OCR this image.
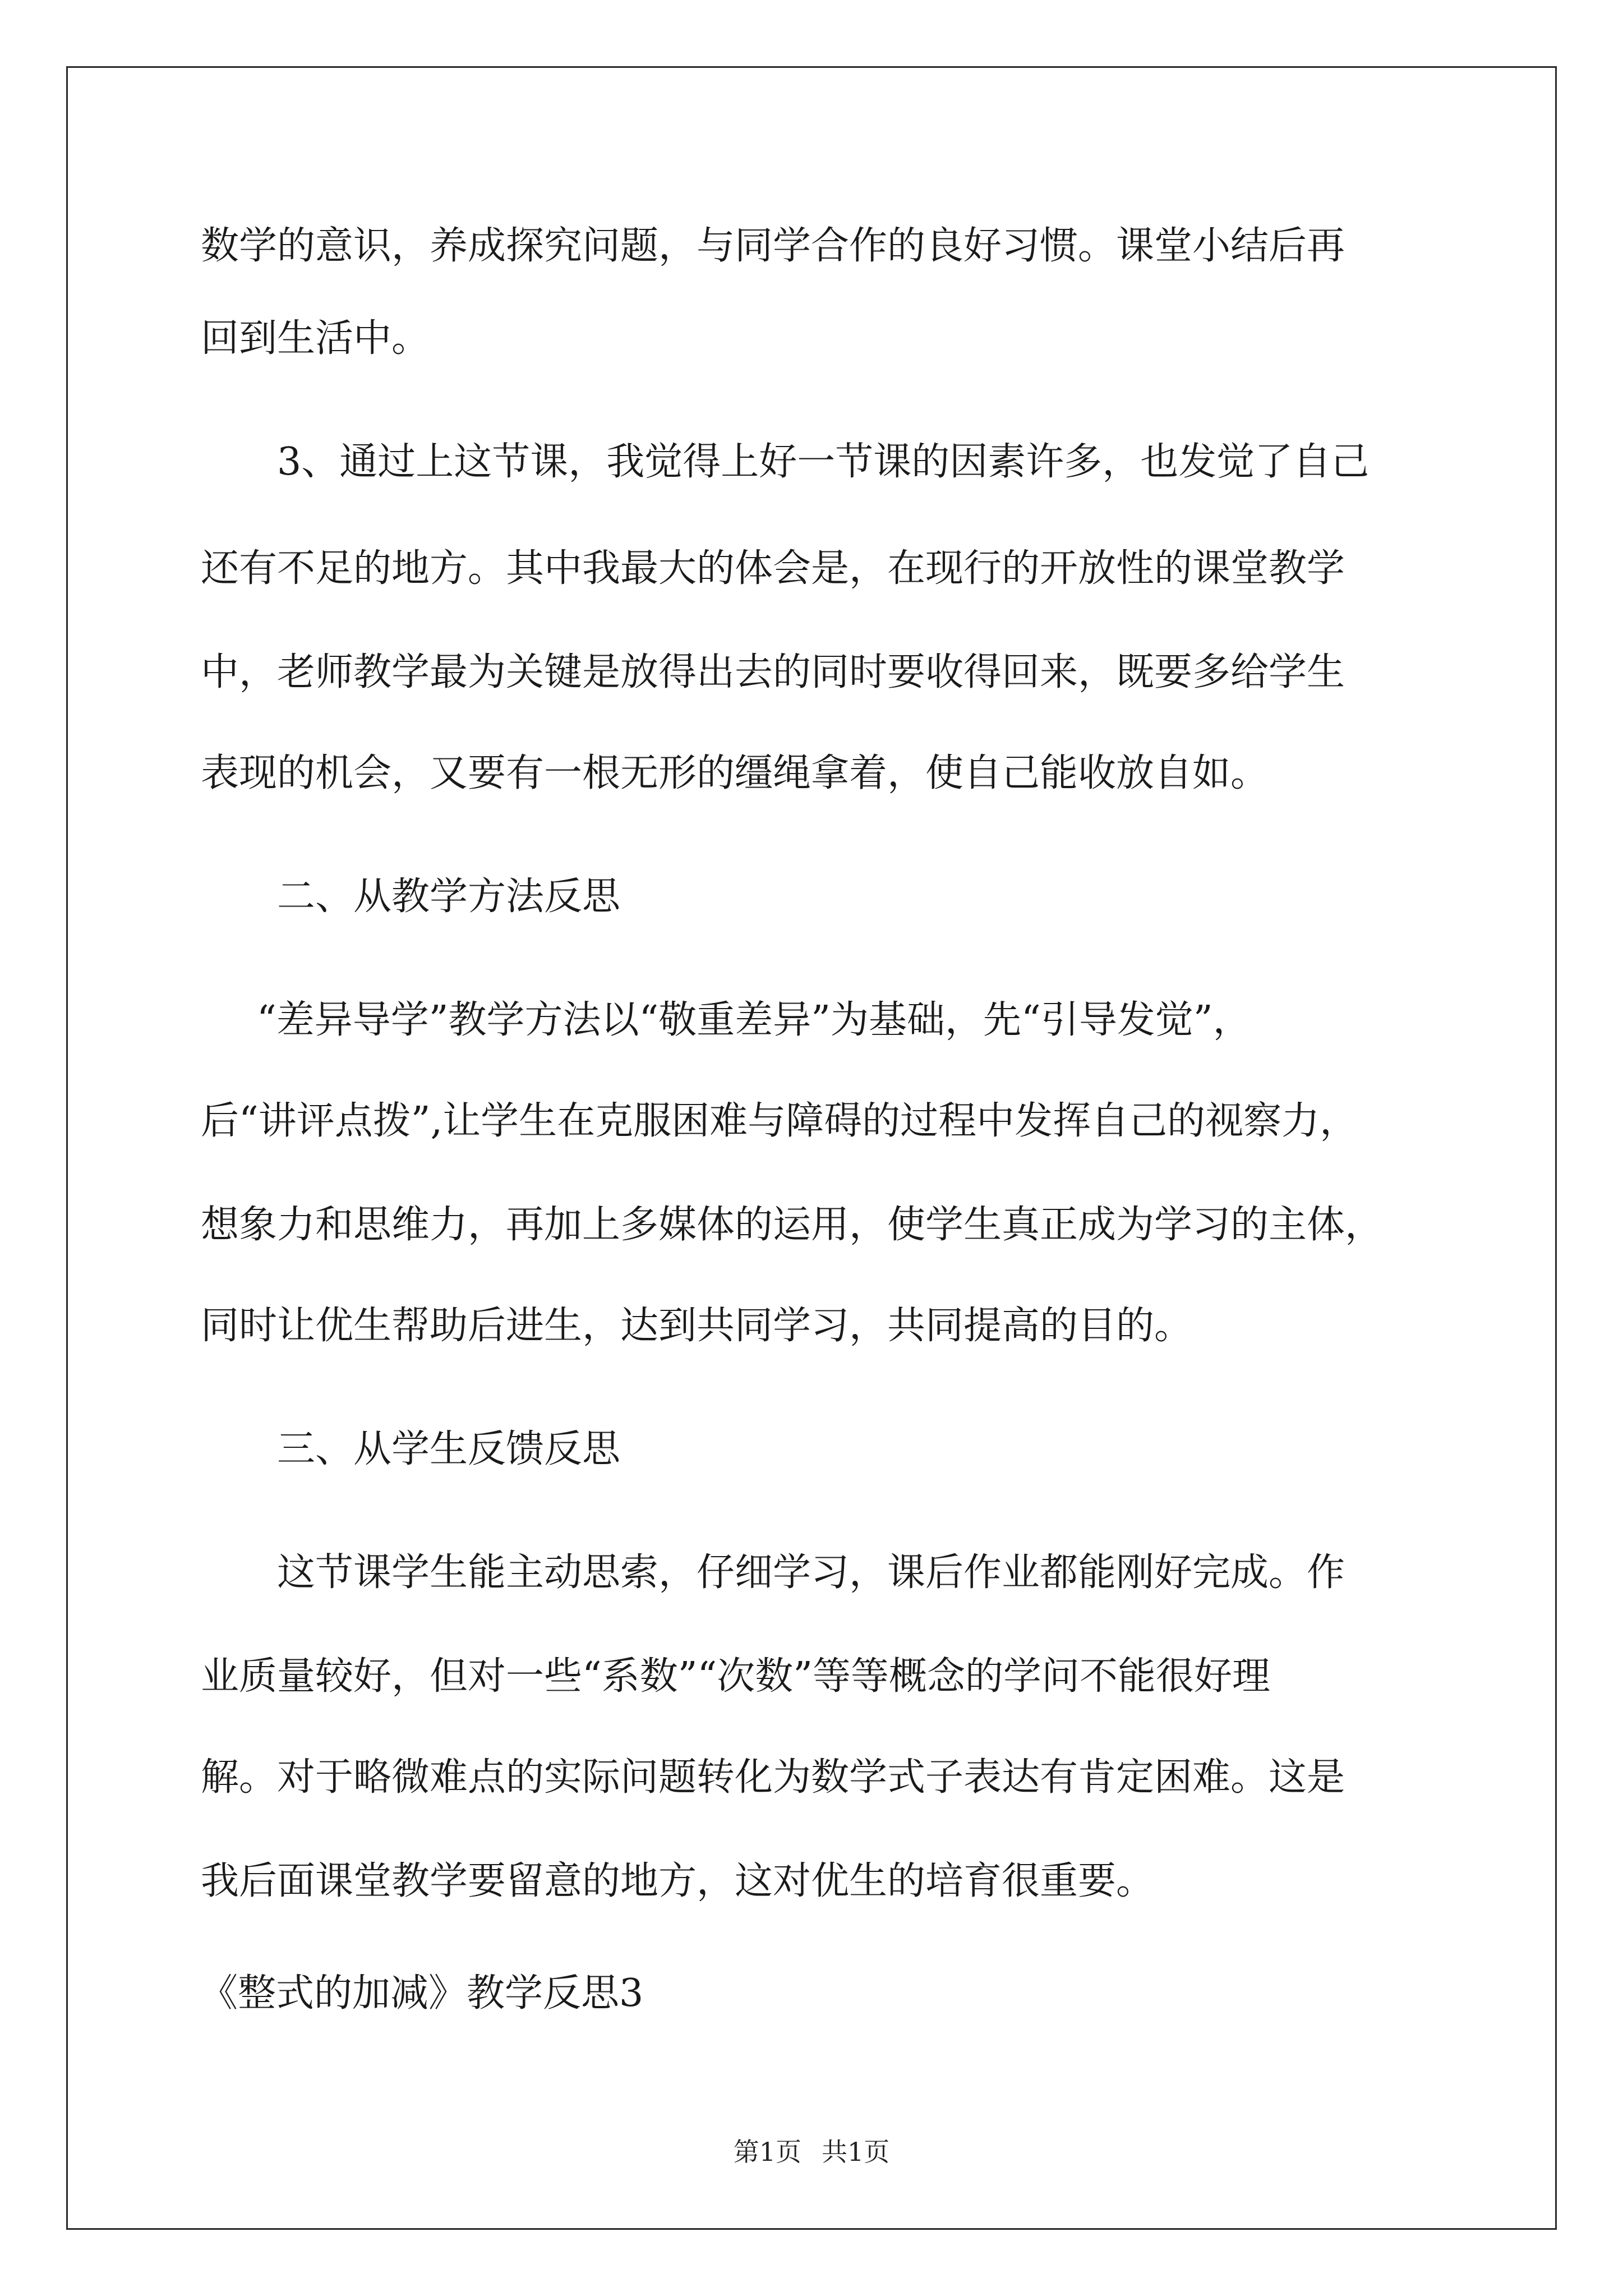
数学的意识，养成探究问题，与同学合作的良好习惯。课堂小结后再
回到生活中。
3、通过上这节课，我觉得上好一节课的因素许多，也发觉了自己
还有不足的地方。其中我最大的体会是，在现行的开放性的课堂教学
中，老师教学最为关键是放得出去的同时要收得回来，既要多给学生
表现的机会，又要有一根无形的缰绳拿着，使自己能收放自如。
二、从教学方法反思
“差异导学”教学方法以“敬重差异”为基础，先“引导发觉”，
后“讲评点拨”,让学生在克服困难与障碍的过程中发挥自己的视察力，
想象力和思维力，再加上多媒体的运用，使学生真正成为学习的主体，
同时让优生帮助后进生，达到共同学习，共同提高的目的。
三、从学生反馈反思
这节课学生能主动思索，仔细学习，课后作业都能刚好完成。作
业质量较好，但对一些“系数”“次数”等等概念的学问不能很好理
解。对于略微难点的实际问题转化为数学式子表达有肯定困难。这是
我后面课堂教学要留意的地方，这对优生的培育很重要。
《整式的加减》教学反思3
第1页 共1页
